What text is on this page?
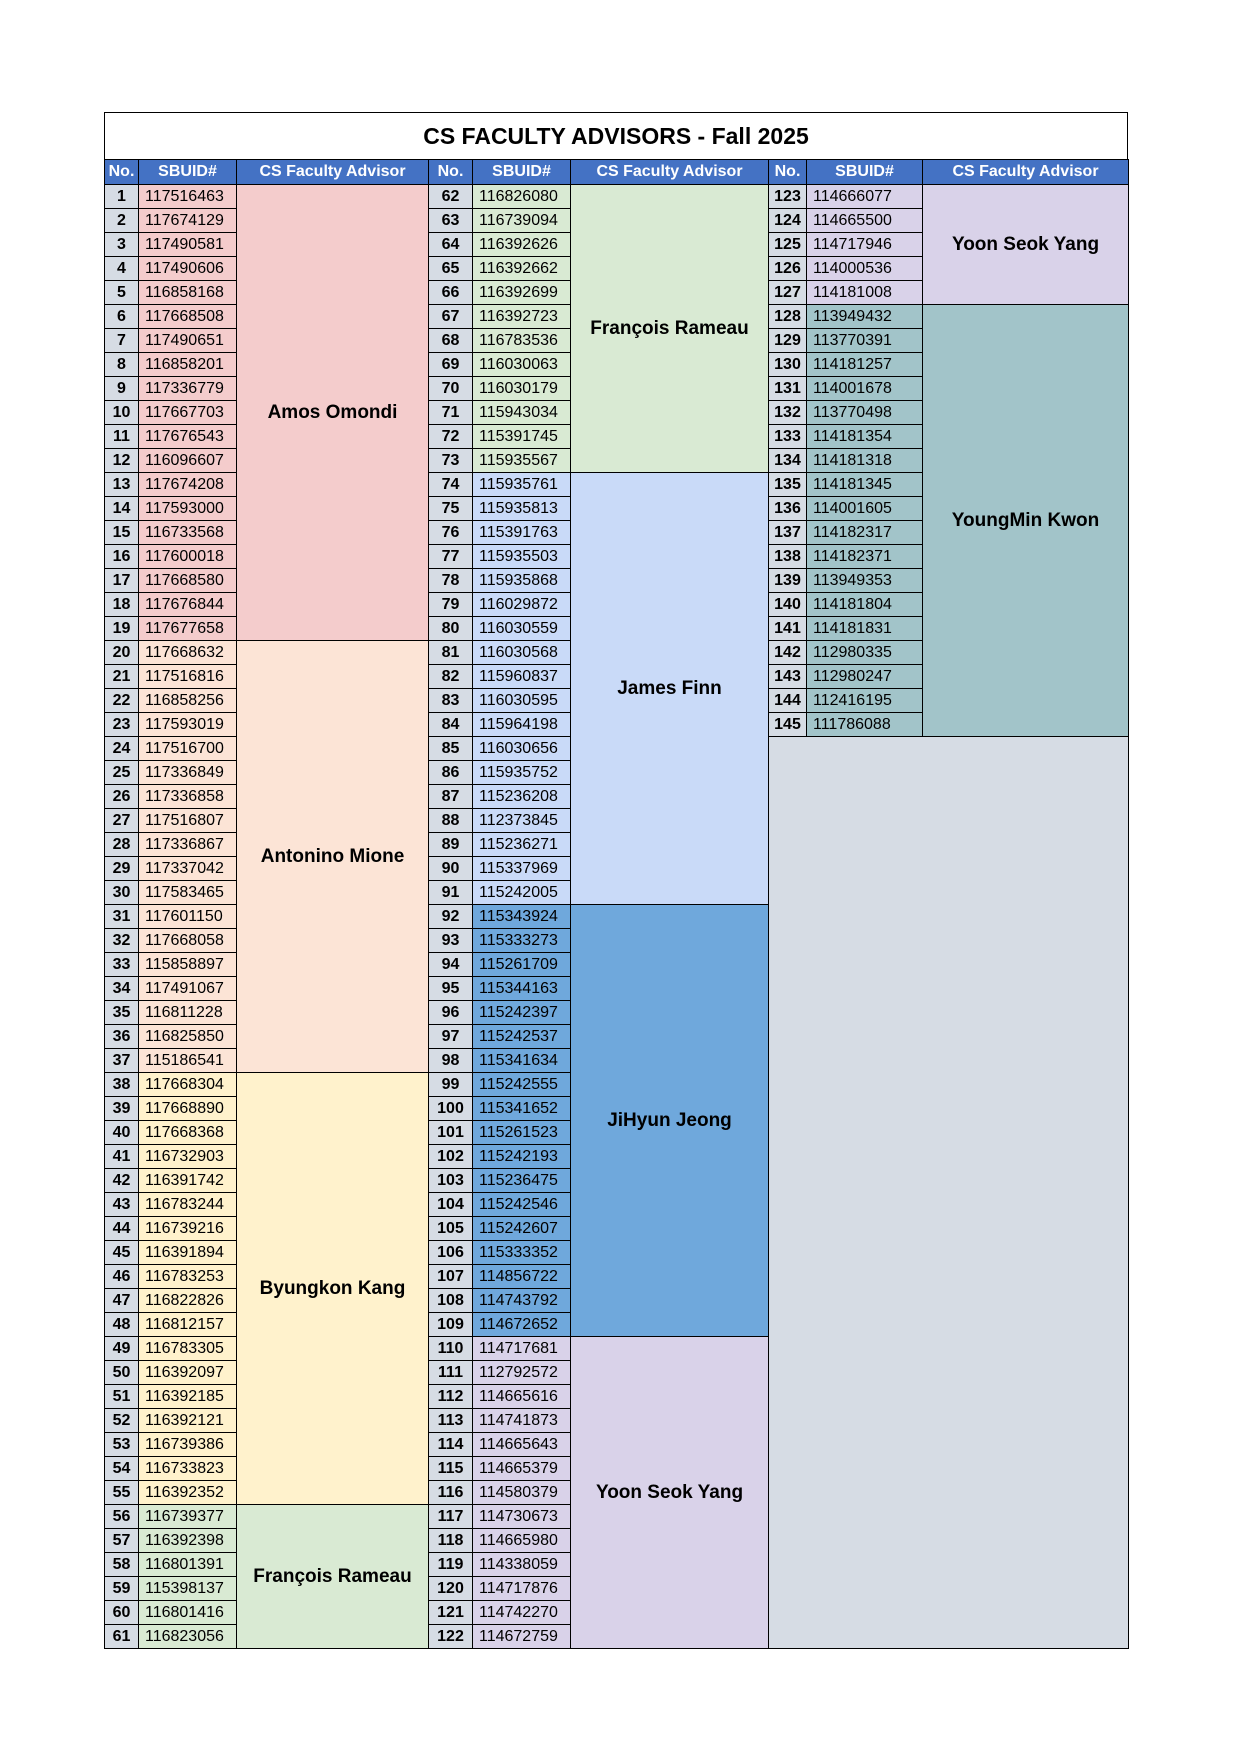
CS FACULTY ADVISORS - Fall 2025
No.	SBUID#	CS Faculty Advisor	No.	SBUID#	CS Faculty Advisor	No.	SBUID#	CS Faculty Advisor
1	117516463	Amos Omondi	62	116826080	François Rameau	123	114666077	Yoon Seok Yang
2	117674129		63	116739094		124	114665500	
3	117490581		64	116392626		125	114717946	
4	117490606		65	116392662		126	114000536	
5	116858168		66	116392699		127	114181008	
6	117668508		67	116392723		128	113949432	YoungMin Kwon
7	117490651		68	116783536		129	113770391	
8	116858201		69	116030063		130	114181257	
9	117336779		70	116030179		131	114001678	
10	117667703		71	115943034		132	113770498	
11	117676543		72	115391745		133	114181354	
12	116096607		73	115935567		134	114181318	
13	117674208		74	115935761	James Finn	135	114181345	
14	117593000		75	115935813		136	114001605	
15	116733568		76	115391763		137	114182317	
16	117600018		77	115935503		138	114182371	
17	117668580		78	115935868		139	113949353	
18	117676844		79	116029872		140	114181804	
19	117677658		80	116030559		141	114181831	
20	117668632	Antonino Mione	81	116030568		142	112980335	
21	117516816		82	115960837		143	112980247	
22	116858256		83	116030595		144	112416195	
23	117593019		84	115964198		145	111786088	
24	117516700		85	116030656				
25	117336849		86	115935752				
26	117336858		87	115236208				
27	117516807		88	112373845				
28	117336867		89	115236271				
29	117337042		90	115337969				
30	117583465		91	115242005				
31	117601150		92	115343924	JiHyun Jeong			
32	117668058		93	115333273				
33	115858897		94	115261709				
34	117491067		95	115344163				
35	116811228		96	115242397				
36	116825850		97	115242537				
37	115186541		98	115341634				
38	117668304	Byungkon Kang	99	115242555				
39	117668890		100	115341652				
40	117668368		101	115261523				
41	116732903		102	115242193				
42	116391742		103	115236475				
43	116783244		104	115242546				
44	116739216		105	115242607				
45	116391894		106	115333352				
46	116783253		107	114856722				
47	116822826		108	114743792				
48	116812157		109	114672652				
49	116783305		110	114717681	Yoon Seok Yang			
50	116392097		111	112792572				
51	116392185		112	114665616				
52	116392121		113	114741873				
53	116739386		114	114665643				
54	116733823		115	114665379				
55	116392352		116	114580379				
56	116739377	François Rameau	117	114730673				
57	116392398		118	114665980				
58	116801391		119	114338059				
59	115398137		120	114717876				
60	116801416		121	114742270				
61	116823056		122	114672759				
